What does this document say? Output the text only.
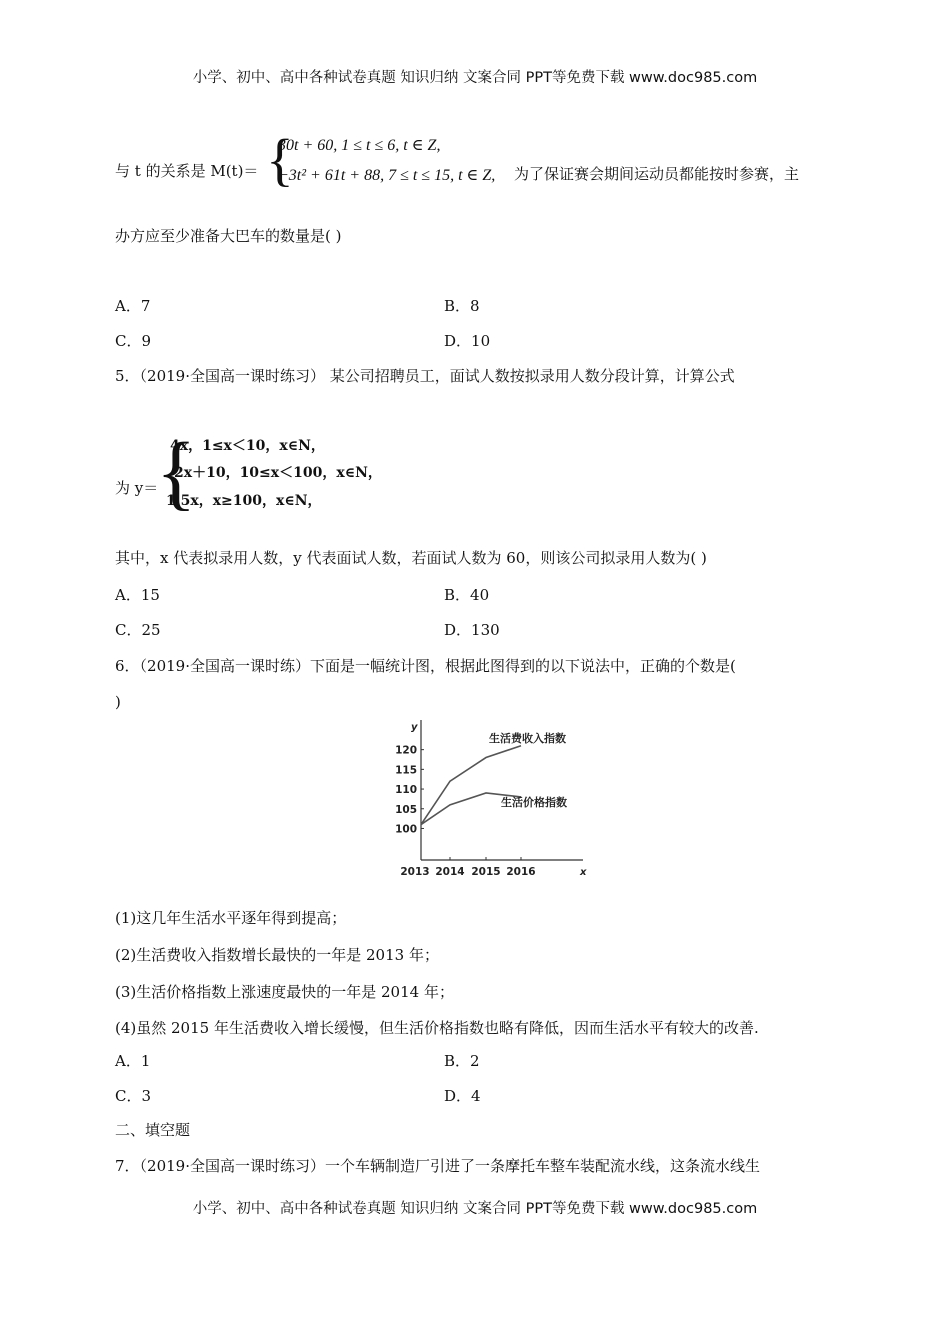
小学、初中、高中各种试卷真题 知识归纳 文案合同 PPT等免费下载 www.doc985.com
与 t 的关系是 M(t)＝ {
30t + 60, 1 ≤ t ≤ 6, t ∈ Z,
−3t² + 61t + 88, 7 ≤ t ≤ 15, t ∈ Z, 为了保证赛会期间运动员都能按时参赛，主
办方应至少准备大巴车的数量是( )
A．7	B．8
C．9	D．10
5．（2019·全国高一课时练习） 某公司招聘员工，面试人数按拟录用人数分段计算，计算公式
为 y＝
{
4x，1≤x＜10，x∈N，
2x＋10，10≤x＜100，x∈N，
1.5x，x≥100，x∈N，
其中，x 代表拟录用人数，y 代表面试人数，若面试人数为 60，则该公司拟录用人数为( )
A．15	B．40
C．25	D．130
6．（2019·全国高一课时练）下面是一幅统计图，根据此图得到的以下说法中，正确的个数是(
)
y
x
100
105
110
115
120
2013 2014 2015 2016
生活费收入指数
生活价格指数
(1)这几年生活水平逐年得到提高；
(2)生活费收入指数增长最快的一年是 2013 年；
(3)生活价格指数上涨速度最快的一年是 2014 年；
(4)虽然 2015 年生活费收入增长缓慢，但生活价格指数也略有降低，因而生活水平有较大的改善.
A．1	B．2
C．3	D．4
二、填空题
7．（2019·全国高一课时练习）一个车辆制造厂引进了一条摩托车整车装配流水线，这条流水线生
小学、初中、高中各种试卷真题 知识归纳 文案合同 PPT等免费下载 www.doc985.com
